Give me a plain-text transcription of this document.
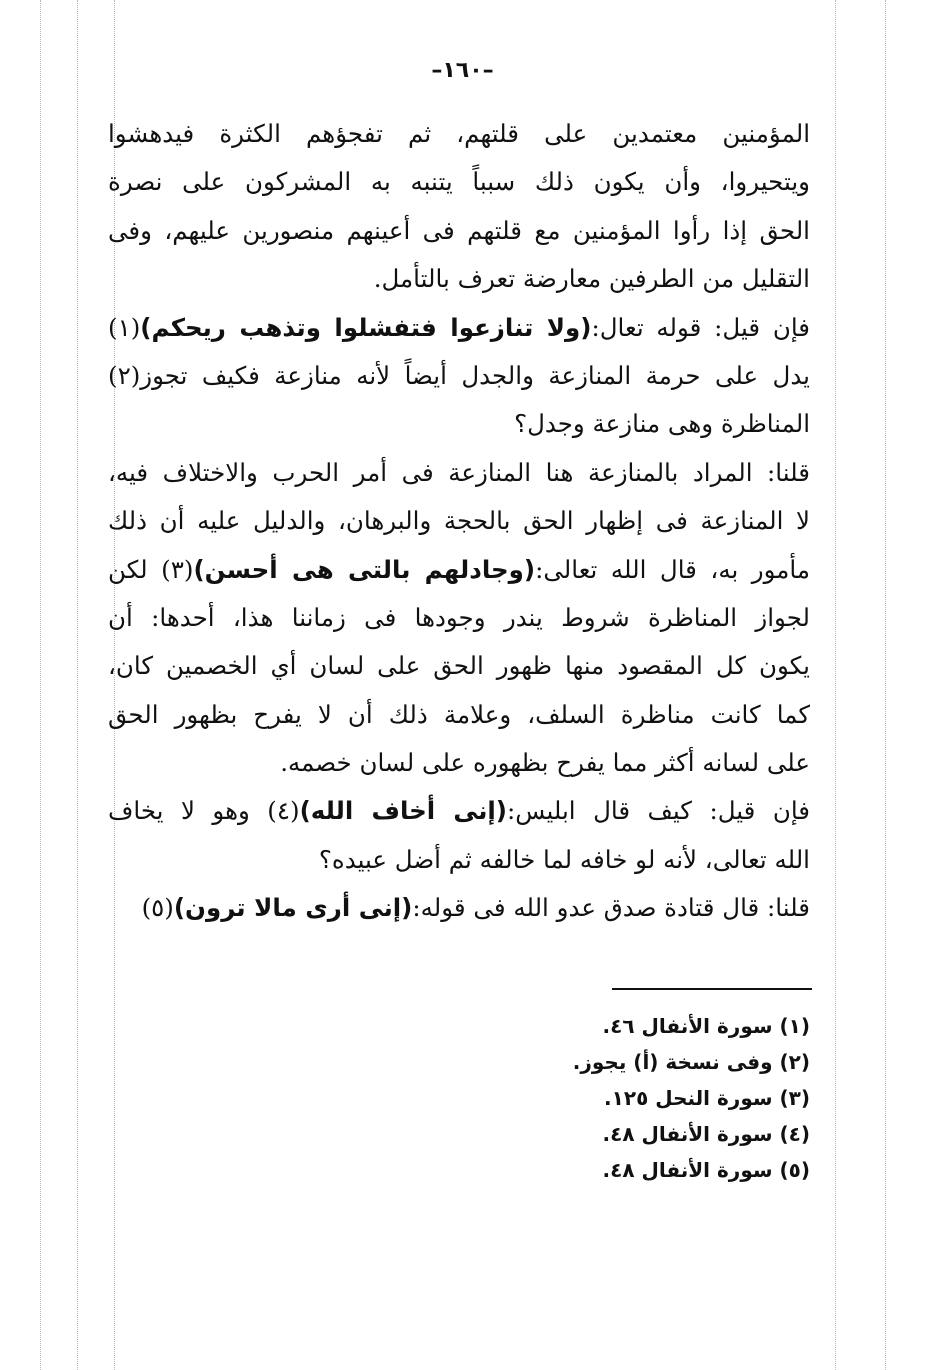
–١٦٠–
المؤمنين معتمدين على قلتهم، ثم تفجؤهم الكثرة فيدهشوا
ويتحيروا، وأن يكون ذلك سبباً يتنبه به المشركون على نصرة
الحق إذا رأوا المؤمنين مع قلتهم فى أعينهم منصورين عليهم، وفى
التقليل من الطرفين معارضة تعرف بالتأمل.
فإن قيل: قوله تعال:(ولا تنازعوا فتفشلوا وتذهب ريحكم)(١)
يدل على حرمة المنازعة والجدل أيضاً لأنه منازعة فكيف تجوز(٢)
المناظرة وهى منازعة وجدل؟
قلنا: المراد بالمنازعة هنا المنازعة فى أمر الحرب والاختلاف فيه،
لا المنازعة فى إظهار الحق بالحجة والبرهان، والدليل عليه أن ذلك
مأمور به، قال الله تعالى:(وجادلهم بالتى هى أحسن)(٣) لكن
لجواز المناظرة شروط يندر وجودها فى زماننا هذا، أحدها: أن
يكون كل المقصود منها ظهور الحق على لسان أي الخصمين كان،
كما كانت مناظرة السلف، وعلامة ذلك أن لا يفرح بظهور الحق
على لسانه أكثر مما يفرح بظهوره على لسان خصمه.
فإن قيل: كيف قال ابليس:(إنى أخاف الله)(٤) وهو لا يخاف
الله تعالى، لأنه لو خافه لما خالفه ثم أضل عبيده؟
قلنا: قال قتادة صدق عدو الله فى قوله:(إنى أرى مالا ترون)(٥)
(١) سورة الأنفال ٤٦.
(٢) وفى نسخة (أ) يجوز.
(٣) سورة النحل ١٢٥.
(٤) سورة الأنفال ٤٨.
(٥) سورة الأنفال ٤٨.
